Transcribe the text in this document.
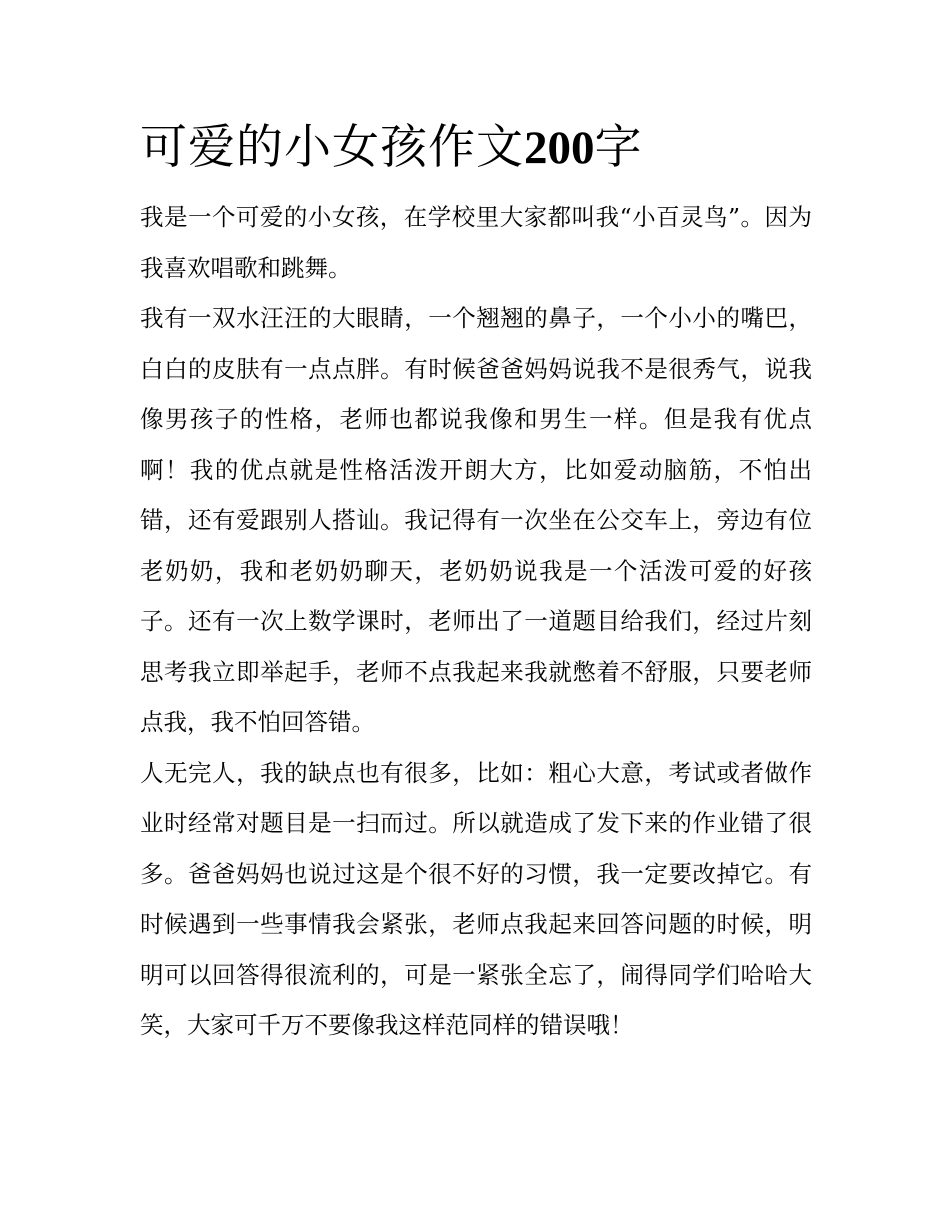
可爱的小女孩作文200字

我是一个可爱的小女孩，在学校里大家都叫我“小百灵鸟”。因为我喜欢唱歌和跳舞。

我有一双水汪汪的大眼睛，一个翘翘的鼻子，一个小小的嘴巴，白白的皮肤有一点点胖。有时候爸爸妈妈说我不是很秀气，说我像男孩子的性格，老师也都说我像和男生一样。但是我有优点啊！我的优点就是性格活泼开朗大方，比如爱动脑筋，不怕出错，还有爱跟别人搭讪。我记得有一次坐在公交车上，旁边有位老奶奶，我和老奶奶聊天，老奶奶说我是一个活泼可爱的好孩子。还有一次上数学课时，老师出了一道题目给我们，经过片刻思考我立即举起手，老师不点我起来我就憋着不舒服，只要老师点我，我不怕回答错。

人无完人，我的缺点也有很多，比如：粗心大意，考试或者做作业时经常对题目是一扫而过。所以就造成了发下来的作业错了很多。爸爸妈妈也说过这是个很不好的习惯，我一定要改掉它。有时候遇到一些事情我会紧张，老师点我起来回答问题的时候，明明可以回答得很流利的，可是一紧张全忘了，闹得同学们哈哈大笑，大家可千万不要像我这样范同样的错误哦！
